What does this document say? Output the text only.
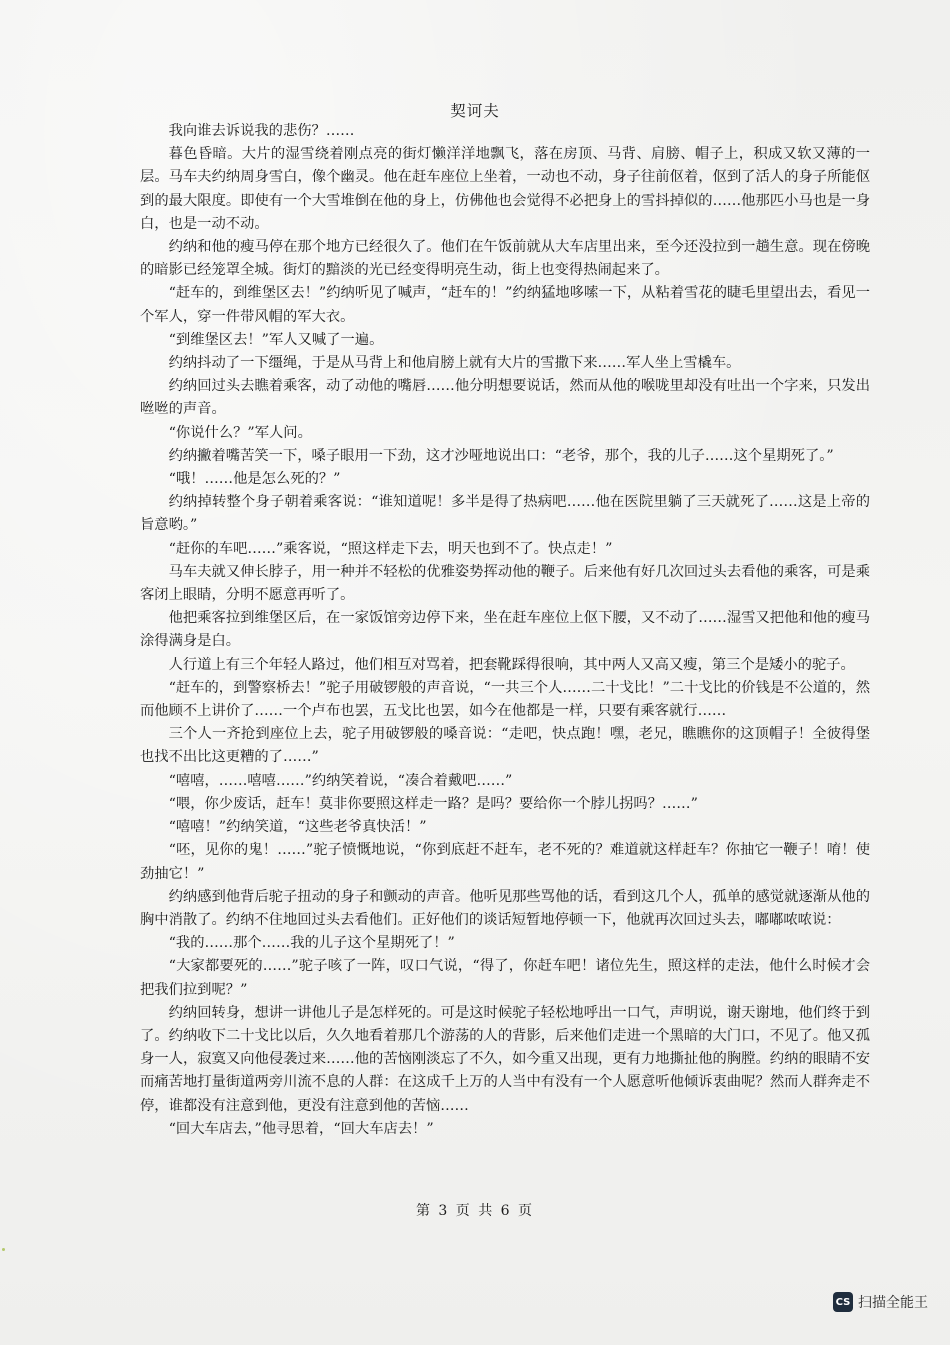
契诃夫

我向谁去诉说我的悲伤？……

暮色昏暗。大片的湿雪绕着刚点亮的街灯懒洋洋地飘飞，落在房顶、马背、肩膀、帽子上，积成又软又薄的一层。马车夫约纳周身雪白，像个幽灵。他在赶车座位上坐着，一动也不动，身子往前伛着，伛到了活人的身子所能伛到的最大限度。即使有一个大雪堆倒在他的身上，仿佛他也会觉得不必把身上的雪抖掉似的……他那匹小马也是一身白，也是一动不动。

约纳和他的瘦马停在那个地方已经很久了。他们在午饭前就从大车店里出来，至今还没拉到一趟生意。现在傍晚的暗影已经笼罩全城。街灯的黯淡的光已经变得明亮生动，街上也变得热闹起来了。

“赶车的，到维堡区去！”约纳听见了喊声，“赶车的！”约纳猛地哆嗦一下，从粘着雪花的睫毛里望出去，看见一个军人，穿一件带风帽的军大衣。

“到维堡区去！”军人又喊了一遍。

约纳抖动了一下缰绳，于是从马背上和他肩膀上就有大片的雪撒下来……军人坐上雪橇车。

约纳回过头去瞧着乘客，动了动他的嘴唇……他分明想要说话，然而从他的喉咙里却没有吐出一个字来，只发出咝咝的声音。

“你说什么？”军人问。

约纳撇着嘴苦笑一下，嗓子眼用一下劲，这才沙哑地说出口：“老爷，那个，我的儿子……这个星期死了。”

“哦！……他是怎么死的？”

约纳掉转整个身子朝着乘客说：“谁知道呢！多半是得了热病吧……他在医院里躺了三天就死了……这是上帝的旨意哟。”

“赶你的车吧……”乘客说，“照这样走下去，明天也到不了。快点走！”

马车夫就又伸长脖子，用一种并不轻松的优雅姿势挥动他的鞭子。后来他有好几次回过头去看他的乘客，可是乘客闭上眼睛，分明不愿意再听了。

他把乘客拉到维堡区后，在一家饭馆旁边停下来，坐在赶车座位上伛下腰，又不动了……湿雪又把他和他的瘦马涂得满身是白。

人行道上有三个年轻人路过，他们相互对骂着，把套靴踩得很响，其中两人又高又瘦，第三个是矮小的驼子。

“赶车的，到警察桥去！”驼子用破锣般的声音说，“一共三个人……二十戈比！”二十戈比的价钱是不公道的，然而他顾不上讲价了……一个卢布也罢，五戈比也罢，如今在他都是一样，只要有乘客就行……

三个人一齐抢到座位上去，驼子用破锣般的嗓音说：“走吧，快点跑！嘿，老兄，瞧瞧你的这顶帽子！全彼得堡也找不出比这更糟的了……”

“嘻嘻，……嘻嘻……”约纳笑着说，“凑合着戴吧……”

“喂，你少废话，赶车！莫非你要照这样走一路？是吗？要给你一个脖儿拐吗？……”

“嘻嘻！”约纳笑道，“这些老爷真快活！”

“呸，见你的鬼！……”驼子愤慨地说，“你到底赶不赶车，老不死的？难道就这样赶车？你抽它一鞭子！唷！使劲抽它！”

约纳感到他背后驼子扭动的身子和颤动的声音。他听见那些骂他的话，看到这几个人，孤单的感觉就逐渐从他的胸中消散了。约纳不住地回过头去看他们。正好他们的谈话短暂地停顿一下，他就再次回过头去，嘟嘟哝哝说：

“我的……那个……我的儿子这个星期死了！”

“大家都要死的……”驼子咳了一阵，叹口气说，“得了，你赶车吧！诸位先生，照这样的走法，他什么时候才会把我们拉到呢？”

约纳回转身，想讲一讲他儿子是怎样死的。可是这时候驼子轻松地呼出一口气，声明说，谢天谢地，他们终于到了。约纳收下二十戈比以后，久久地看着那几个游荡的人的背影，后来他们走进一个黑暗的大门口，不见了。他又孤身一人，寂寞又向他侵袭过来……他的苦恼刚淡忘了不久，如今重又出现，更有力地撕扯他的胸膛。约纳的眼睛不安而痛苦地打量街道两旁川流不息的人群：在这成千上万的人当中有没有一个人愿意听他倾诉衷曲呢？然而人群奔走不停，谁都没有注意到他，更没有注意到他的苦恼……

“回大车店去，”他寻思着，“回大车店去！”

第 3 页 共 6 页
CS 扫描全能王
